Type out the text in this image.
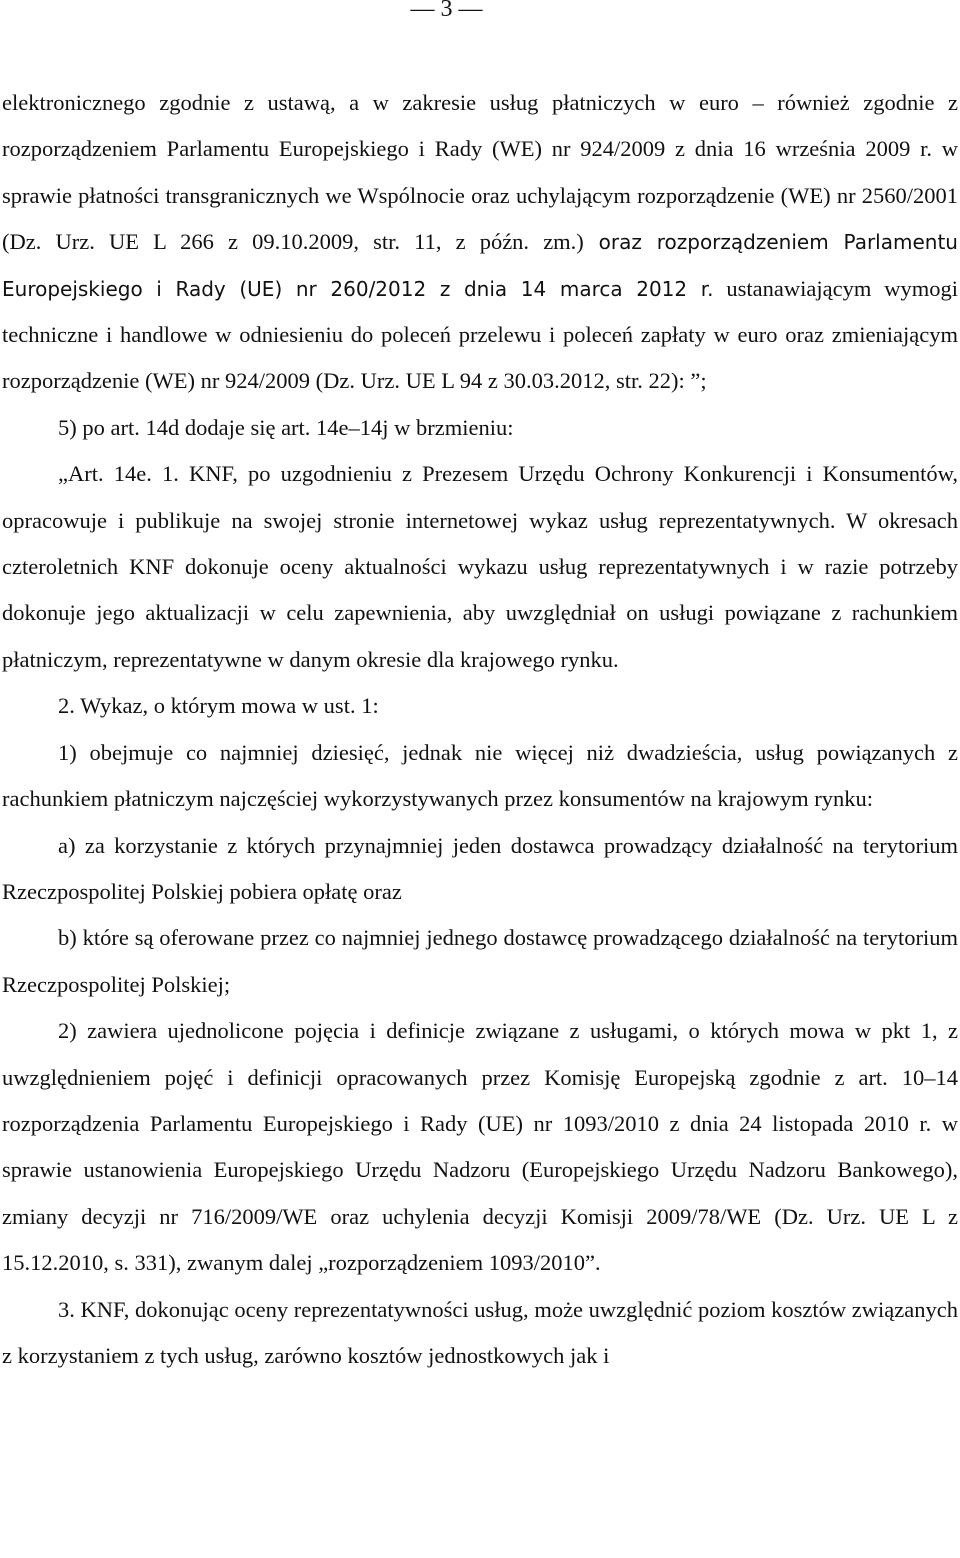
— 3 —

elektronicznego zgodnie z ustawą, a w zakresie usług płatniczych w euro – również zgodnie z rozporządzeniem Parlamentu Europejskiego i Rady (WE) nr 924/2009 z dnia 16 września 2009 r. w sprawie płatności transgranicznych we Wspólnocie oraz uchylającym rozporządzenie (WE) nr 2560/2001 (Dz. Urz. UE L 266 z 09.10.2009, str. 11, z późn. zm.) oraz rozporządzeniem Parlamentu Europejskiego i Rady (UE) nr 260/2012 z dnia 14 marca 2012 r. ustanawiającym wymogi techniczne i handlowe w odniesieniu do poleceń przelewu i poleceń zapłaty w euro oraz zmieniającym rozporządzenie (WE) nr 924/2009 (Dz. Urz. UE L 94 z 30.03.2012, str. 22): ”;

5) po art. 14d dodaje się art. 14e–14j w brzmieniu:

„Art. 14e. 1. KNF, po uzgodnieniu z Prezesem Urzędu Ochrony Konkurencji i Konsumentów, opracowuje i publikuje na swojej stronie internetowej wykaz usług reprezentatywnych. W okresach czteroletnich KNF dokonuje oceny aktualności wykazu usług reprezentatywnych i w razie potrzeby dokonuje jego aktualizacji w celu zapewnienia, aby uwzględniał on usługi powiązane z rachunkiem płatniczym, reprezentatywne w danym okresie dla krajowego rynku.

2. Wykaz, o którym mowa w ust. 1:

1) obejmuje co najmniej dziesięć, jednak nie więcej niż dwadzieścia, usług powiązanych z rachunkiem płatniczym najczęściej wykorzystywanych przez konsumentów na krajowym rynku:

a) za korzystanie z których przynajmniej jeden dostawca prowadzący działalność na terytorium Rzeczpospolitej Polskiej pobiera opłatę oraz

b) które są oferowane przez co najmniej jednego dostawcę prowadzącego działalność na terytorium Rzeczpospolitej Polskiej;

2) zawiera ujednolicone pojęcia i definicje związane z usługami, o których mowa w pkt 1, z uwzględnieniem pojęć i definicji opracowanych przez Komisję Europejską zgodnie z art. 10–14 rozporządzenia Parlamentu Europejskiego i Rady (UE) nr 1093/2010 z dnia 24 listopada 2010 r. w sprawie ustanowienia Europejskiego Urzędu Nadzoru (Europejskiego Urzędu Nadzoru Bankowego), zmiany decyzji nr 716/2009/WE oraz uchylenia decyzji Komisji 2009/78/WE (Dz. Urz. UE L z 15.12.2010, s. 331), zwanym dalej „rozporządzeniem 1093/2010”.

3. KNF, dokonując oceny reprezentatywności usług, może uwzględnić poziom kosztów związanych z korzystaniem z tych usług, zarówno kosztów jednostkowych jak i
